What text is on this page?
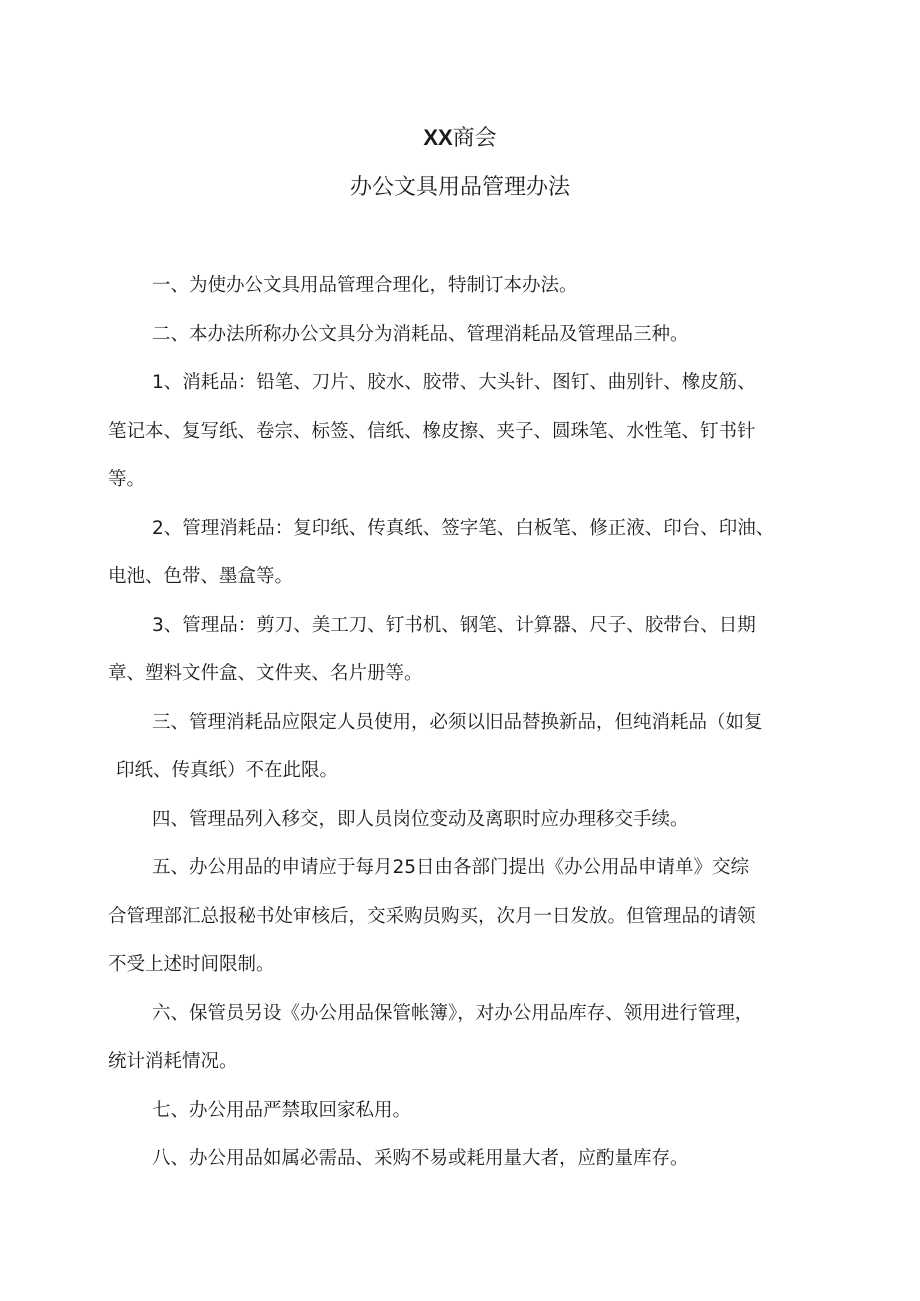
XX商会
办公文具用品管理办法

一、为使办公文具用品管理合理化，特制订本办法。

二、本办法所称办公文具分为消耗品、管理消耗品及管理品三种。

1、消耗品：铅笔、刀片、胶水、胶带、大头针、图钉、曲别针、橡皮筋、
笔记本、复写纸、卷宗、标签、信纸、橡皮擦、夹子、圆珠笔、水性笔、钉书针
等。

2、管理消耗品：复印纸、传真纸、签字笔、白板笔、修正液、印台、印油、
电池、色带、墨盒等。

3、管理品：剪刀、美工刀、钉书机、钢笔、计算器、尺子、胶带台、日期
章、塑料文件盒、文件夹、名片册等。

三、管理消耗品应限定人员使用，必须以旧品替换新品，但纯消耗品（如复
印纸、传真纸）不在此限。

四、管理品列入移交，即人员岗位变动及离职时应办理移交手续。

五、办公用品的申请应于每月25日由各部门提出《办公用品申请单》交综
合管理部汇总报秘书处审核后，交采购员购买，次月一日发放。但管理品的请领
不受上述时间限制。

六、保管员另设《办公用品保管帐簿》，对办公用品库存、领用进行管理，
统计消耗情况。

七、办公用品严禁取回家私用。

八、办公用品如属必需品、采购不易或耗用量大者，应酌量库存。
